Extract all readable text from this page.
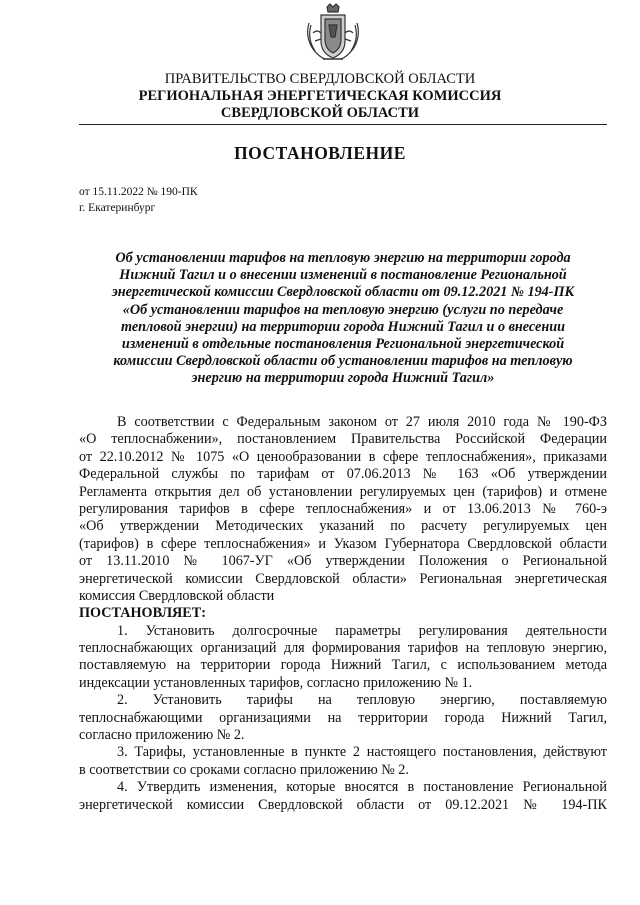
ПРАВИТЕЛЬСТВО СВЕРДЛОВСКОЙ ОБЛАСТИ
РЕГИОНАЛЬНАЯ ЭНЕРГЕТИЧЕСКАЯ КОМИССИЯ
СВЕРДЛОВСКОЙ ОБЛАСТИ
ПОСТАНОВЛЕНИЕ
от 15.11.2022 № 190-ПК
г. Екатеринбург
Об установлении тарифов на тепловую энергию на территории города
Нижний Тагил и о внесении изменений в постановление Региональной
энергетической комиссии Свердловской области от 09.12.2021 № 194-ПК
«Об установлении тарифов на тепловую энергию (услуги по передаче
тепловой энергии) на территории города Нижний Тагил и о внесении
изменений в отдельные постановления Региональной энергетической
комиссии Свердловской области об установлении тарифов на тепловую
энергию на территории города Нижний Тагил»
В соответствии с Федеральным законом от 27 июля 2010 года № 190-ФЗ
«О теплоснабжении», постановлением Правительства Российской Федерации
от 22.10.2012 № 1075 «О ценообразовании в сфере теплоснабжения», приказами
Федеральной службы по тарифам от 07.06.2013 № 163 «Об утверждении
Регламента открытия дел об установлении регулируемых цен (тарифов) и отмене
регулирования тарифов в сфере теплоснабжения» и от 13.06.2013 № 760-э
«Об утверждении Методических указаний по расчету регулируемых цен
(тарифов) в сфере теплоснабжения» и Указом Губернатора Свердловской области
от 13.11.2010 № 1067-УГ «Об утверждении Положения о Региональной
энергетической комиссии Свердловской области» Региональная энергетическая
комиссия Свердловской области
ПОСТАНОВЛЯЕТ:
1. Установить долгосрочные параметры регулирования деятельности
теплоснабжающих организаций для формирования тарифов на тепловую энергию,
поставляемую на территории города Нижний Тагил, с использованием метода
индексации установленных тарифов, согласно приложению № 1.
2. Установить тарифы на тепловую энергию, поставляемую
теплоснабжающими организациями на территории города Нижний Тагил,
согласно приложению № 2.
3. Тарифы, установленные в пункте 2 настоящего постановления, действуют
в соответствии со сроками согласно приложению № 2.
4. Утвердить изменения, которые вносятся в постановление Региональной
энергетической комиссии Свердловской области от 09.12.2021 № 194-ПК
